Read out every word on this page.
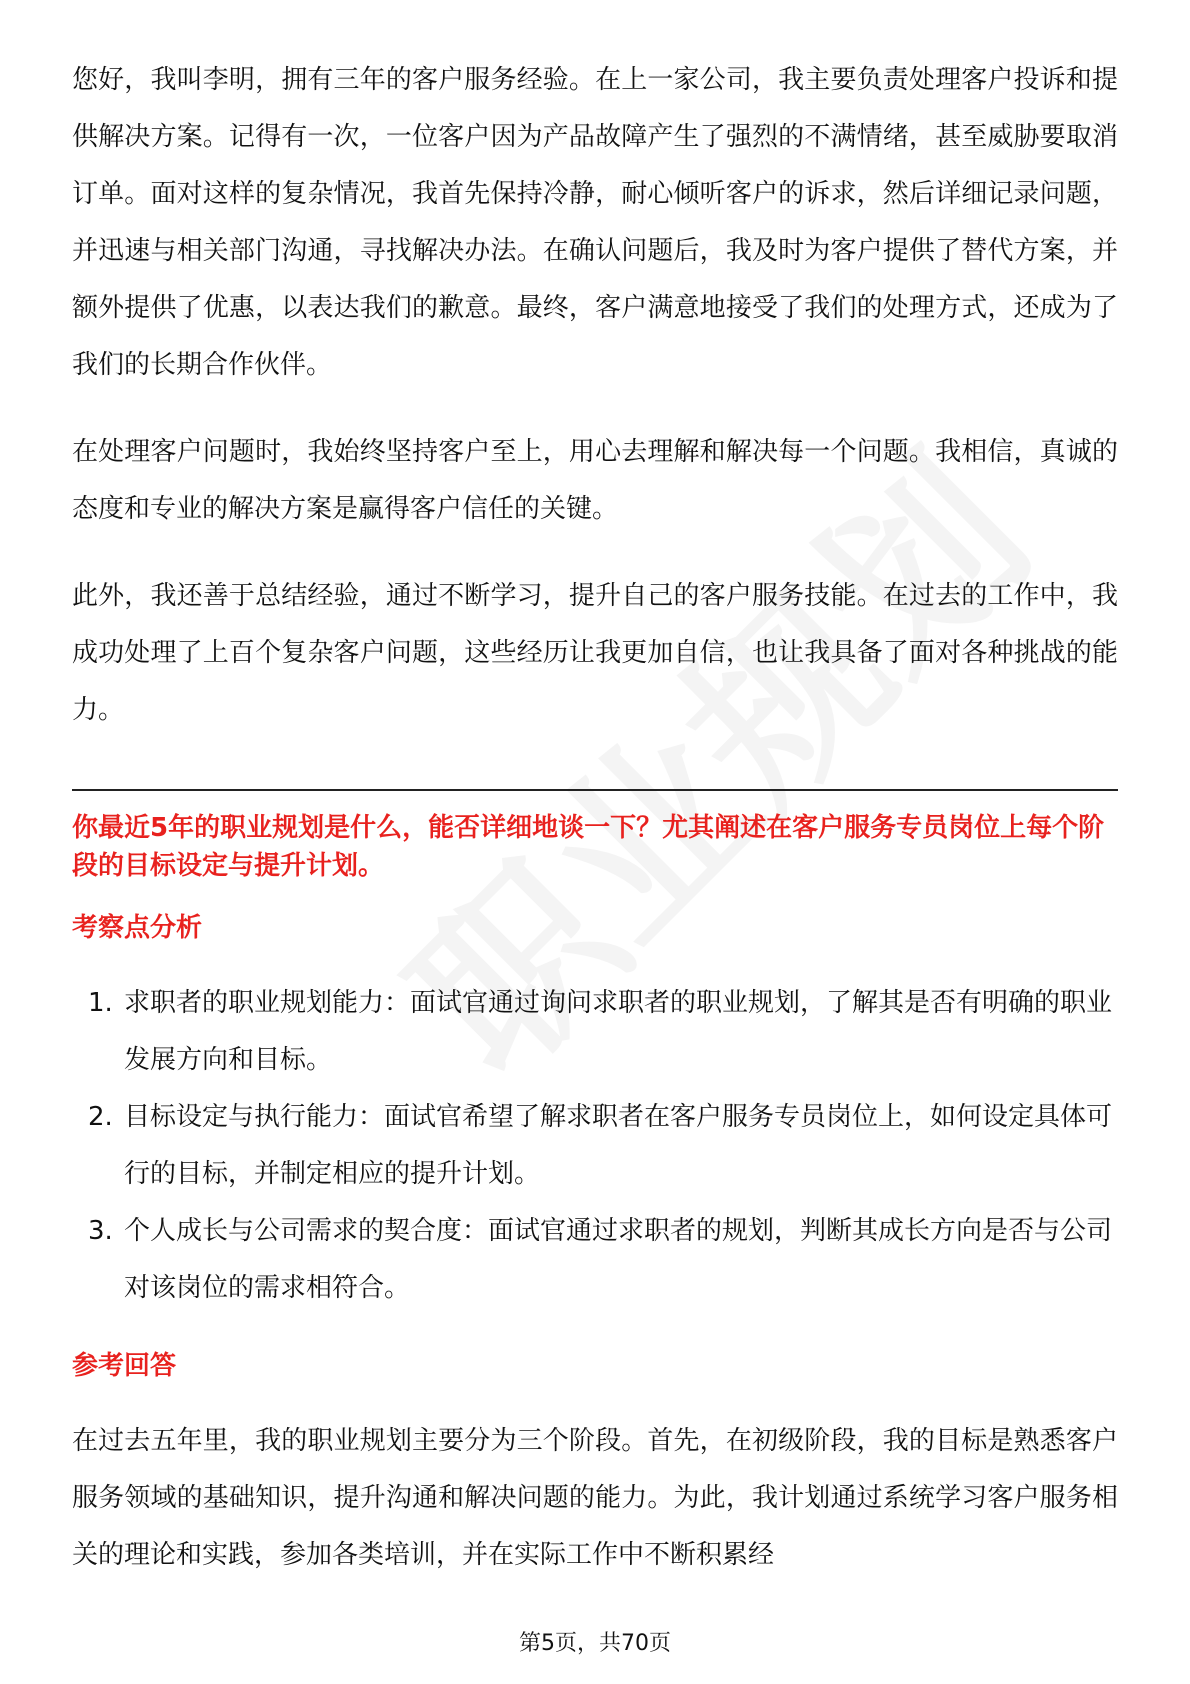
您好，我叫李明，拥有三年的客户服务经验。在上一家公司，我主要负责处理客户投诉和提供解决方案。记得有一次，一位客户因为产品故障产生了强烈的不满情绪，甚至威胁要取消订单。面对这样的复杂情况，我首先保持冷静，耐心倾听客户的诉求，然后详细记录问题，并迅速与相关部门沟通，寻找解决办法。在确认问题后，我及时为客户提供了替代方案，并额外提供了优惠，以表达我们的歉意。最终，客户满意地接受了我们的处理方式，还成为了我们的长期合作伙伴。

在处理客户问题时，我始终坚持客户至上，用心去理解和解决每一个问题。我相信，真诚的态度和专业的解决方案是赢得客户信任的关键。

此外，我还善于总结经验，通过不断学习，提升自己的客户服务技能。在过去的工作中，我成功处理了上百个复杂客户问题，这些经历让我更加自信，也让我具备了面对各种挑战的能力。

你最近5年的职业规划是什么，能否详细地谈一下？尤其阐述在客户服务专员岗位上每个阶段的目标设定与提升计划。

考察点分析

1. 求职者的职业规划能力：面试官通过询问求职者的职业规划，了解其是否有明确的职业发展方向和目标。
2. 目标设定与执行能力：面试官希望了解求职者在客户服务专员岗位上，如何设定具体可行的目标，并制定相应的提升计划。
3. 个人成长与公司需求的契合度：面试官通过求职者的规划，判断其成长方向是否与公司对该岗位的需求相符合。

参考回答

在过去五年里，我的职业规划主要分为三个阶段。首先，在初级阶段，我的目标是熟悉客户服务领域的基础知识，提升沟通和解决问题的能力。为此，我计划通过系统学习客户服务相关的理论和实践，参加各类培训，并在实际工作中不断积累经

第5页，共70页
